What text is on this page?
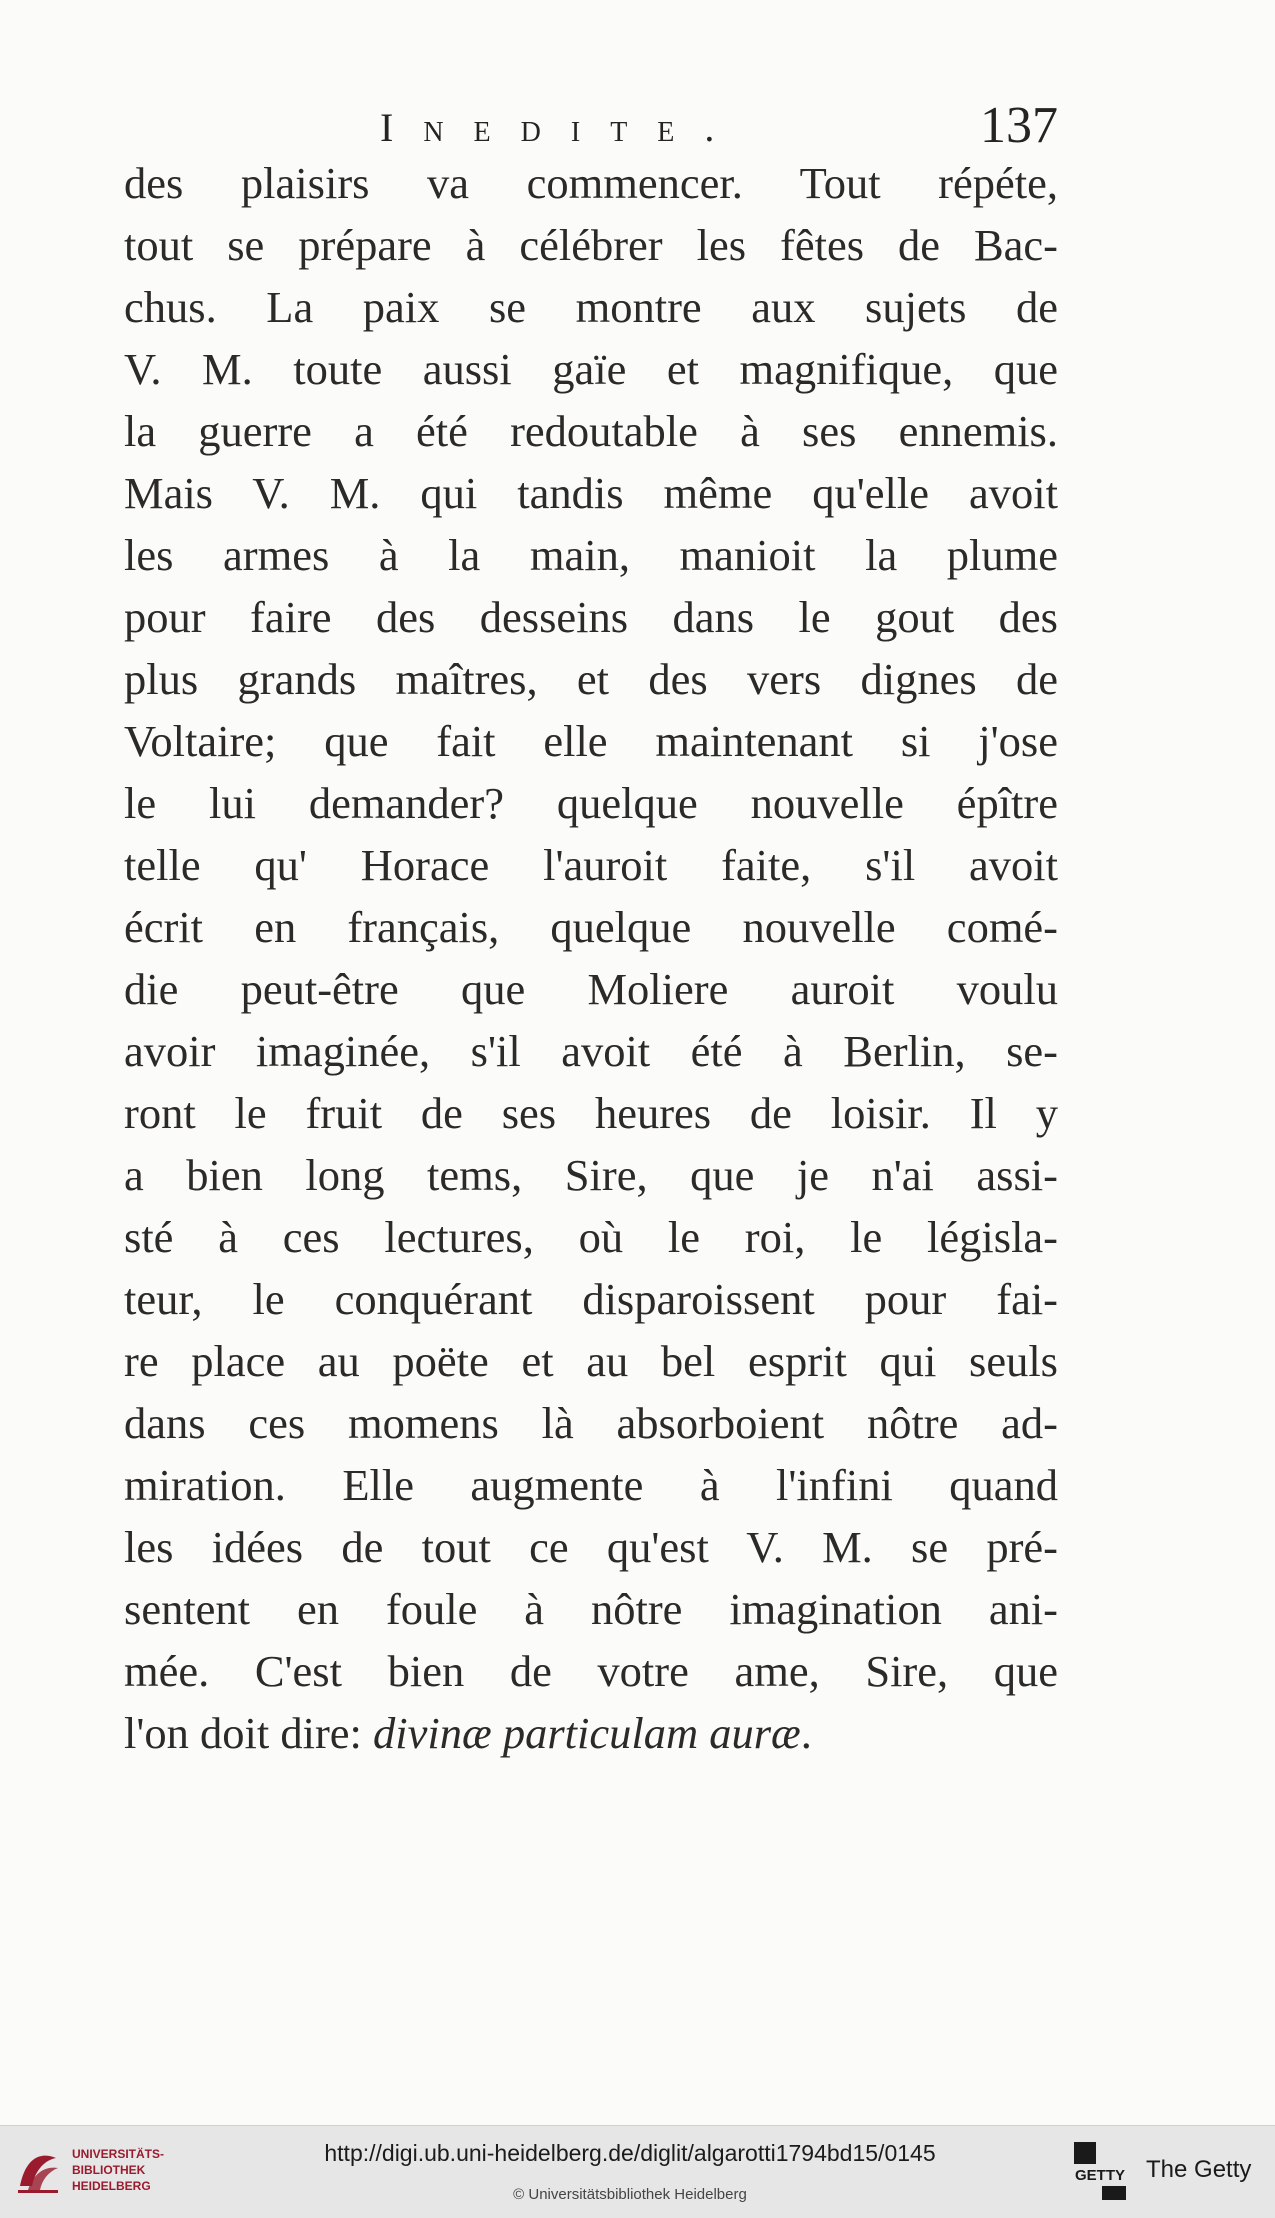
Inedite.	137
des plaisirs va commencer. Tout répéte,
tout se prépare à célébrer les fêtes de Bac-
chus. La paix se montre aux sujets de
V. M. toute aussi gaïe et magnifique, que
la guerre a été redoutable à ses ennemis.
Mais V. M. qui tandis même qu'elle avoit
les armes à la main, manioit la plume
pour faire des desseins dans le gout des
plus grands maîtres, et des vers dignes de
Voltaire; que fait elle maintenant si j'ose
le lui demander? quelque nouvelle épître
telle qu' Horace l'auroit faite, s'il avoit
écrit en français, quelque nouvelle comé-
die peut-être que Moliere auroit voulu
avoir imaginée, s'il avoit été à Berlin, se-
ront le fruit de ses heures de loisir. Il y
a bien long tems, Sire, que je n'ai assi-
sté à ces lectures, où le roi, le législa-
teur, le conquérant disparoissent pour fai-
re place au poëte et au bel esprit qui seuls
dans ces momens là absorboient nôtre ad-
miration. Elle augmente à l'infini quand
les idées de tout ce qu'est V. M. se pré-
sentent en foule à nôtre imagination ani-
mée. C'est bien de votre ame, Sire, que
l'on doit dire: divinæ particulam auræ.
UNIVERSITÄTS-
BIBLIOTHEK
HEIDELBERG
http://digi.ub.uni-heidelberg.de/diglit/algarotti1794bd15/0145
© Universitätsbibliothek Heidelberg
GETTY The Getty
